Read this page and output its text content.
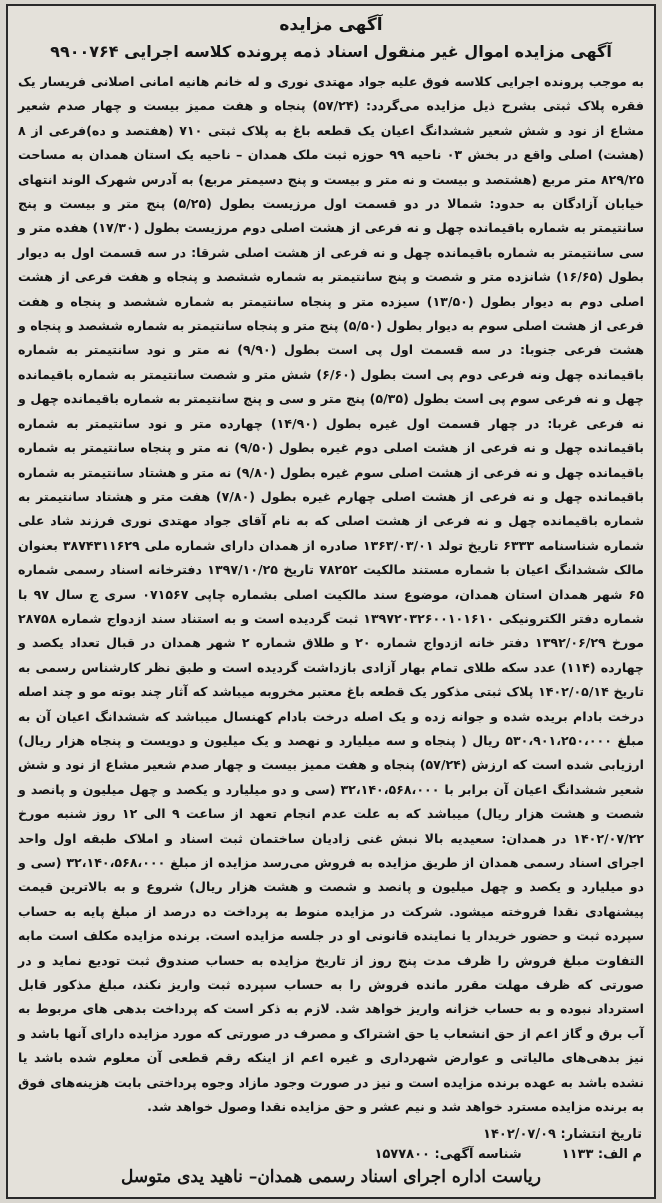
آگهی مزایده
آگهی مزایده اموال غیر منقول اسناد ذمه پرونده کلاسه اجرایی ۹۹۰۰۷۶۴
به موجب پرونده اجرایی کلاسه فوق علیه جواد مهتدی نوری و له خانم هانیه امانی اصلانی فریسار یک فقره پلاک ثبتی بشرح ذیل مزایده می‌گردد: (۵۷/۲۴) پنجاه و هفت ممیز بیست و چهار صدم شعیر مشاع از نود و شش شعیر ششدانگ اعیان یک قطعه باغ به پلاک ثبتی ۷۱۰ (هفتصد و ده)فرعی از ۸ (هشت) اصلی واقع در بخش ۰۳ ناحیه ۹۹ حوزه ثبت ملک همدان – ناحیه یک استان همدان به مساحت ۸۲۹/۲۵ متر مربع (هشتصد و بیست و نه متر و بیست و پنج دسیمتر مربع) به آدرس شهرک الوند انتهای خیابان آزادگان به حدود: شمالا در دو قسمت اول مرزیست بطول (۵/۲۵) پنج متر و بیست و پنج سانتیمتر به شماره باقیمانده چهل و نه فرعی از هشت اصلی دوم مرزیست بطول (۱۷/۳۰) هفده متر و سی سانتیمتر به شماره باقیمانده چهل و نه فرعی از هشت اصلی شرقا: در سه قسمت اول به دیوار بطول (۱۶/۶۵) شانزده متر و شصت و پنج سانتیمتر به شماره ششصد و پنجاه و هفت فرعی از هشت اصلی دوم به دیوار بطول (۱۳/۵۰) سیزده متر و پنجاه سانتیمتر به شماره ششصد و پنجاه و هفت فرعی از هشت اصلی سوم به دیوار بطول (۵/۵۰) پنج متر و پنجاه سانتیمتر به شماره ششصد و پنجاه و هشت فرعی جنوبا: در سه قسمت اول پی است بطول (۹/۹۰) نه متر و نود سانتیمتر به شماره باقیمانده چهل ونه فرعی دوم پی است بطول (۶/۶۰) شش متر و شصت سانتیمتر به شماره باقیمانده چهل و نه فرعی سوم پی است بطول (۵/۳۵) پنج متر و سی و پنج سانتیمتر به شماره باقیمانده چهل و نه فرعی غربا: در چهار قسمت اول غیره بطول (۱۴/۹۰) چهارده متر و نود سانتیمتر به شماره باقیمانده چهل و نه فرعی از هشت اصلی دوم غیره بطول (۹/۵۰) نه متر و پنجاه سانتیمتر به شماره باقیمانده چهل و نه فرعی از هشت اصلی سوم غیره بطول (۹/۸۰) نه متر و هشتاد سانتیمتر به شماره باقیمانده چهل و نه فرعی از هشت اصلی چهارم غیره بطول (۷/۸۰) هفت متر و هشتاد سانتیمتر به شماره باقیمانده چهل و نه فرعی از هشت اصلی که به نام آقای جواد مهتدی نوری فرزند شاد علی شماره شناسنامه ۶۳۳۳ تاریخ تولد ۱۳۶۳/۰۳/۰۱ صادره از همدان دارای شماره ملی ۳۸۷۴۳۱۱۶۲۹ بعنوان مالک ششدانگ اعیان با شماره مستند مالکیت ۷۸۲۵۲ تاریخ ۱۳۹۷/۱۰/۲۵ دفترخانه اسناد رسمی شماره ۶۵ شهر همدان استان همدان، موضوع سند مالکیت اصلی بشماره چاپی ۰۷۱۵۶۷ سری ج سال ۹۷ با شماره دفتر الکترونیکی ۱۳۹۷۲۰۳۲۶۰۰۱۰۱۶۱۰ ثبت گردیده است و به استناد سند ازدواج شماره ۲۸۷۵۸ مورخ ۱۳۹۲/۰۶/۲۹ دفتر خانه ازدواج شماره ۲۰ و طلاق شماره ۲ شهر همدان در قبال تعداد یکصد و چهارده (۱۱۴) عدد سکه طلای تمام بهار آزادی بازداشت گردیده است و طبق نظر کارشناس رسمی به تاریخ ۱۴۰۲/۰۵/۱۴ پلاک ثبتی مذکور یک قطعه باغ معتبر مخروبه میباشد که آثار چند بوته مو و چند اصله درخت بادام بریده شده و جوانه زده و یک اصله درخت بادام کهنسال میباشد که ششدانگ اعیان آن به مبلغ ۵۳۰،۹۰۱،۲۵۰،۰۰۰ ریال ( پنجاه و سه میلیارد و نهصد و یک میلیون و دویست و پنجاه هزار ریال) ارزیابی شده است که ارزش (۵۷/۲۴) پنجاه و هفت ممیز بیست و چهار صدم شعیر مشاع از نود و شش شعیر ششدانگ اعیان آن برابر با ۳۲،۱۴۰،۵۶۸،۰۰۰ (سی و دو میلیارد و یکصد و چهل میلیون و پانصد و شصت و هشت هزار ریال) میباشد که به علت عدم انجام تعهد از ساعت ۹ الی ۱۲ روز شنبه مورخ ۱۴۰۲/۰۷/۲۲ در همدان: سعیدیه بالا نبش غنی زادیان ساختمان ثبت اسناد و املاک طبقه اول واحد اجرای اسناد رسمی همدان از طریق مزایده به فروش می‌رسد مزایده از مبلغ ۳۲،۱۴۰،۵۶۸،۰۰۰ (سی و دو میلیارد و یکصد و چهل میلیون و پانصد و شصت و هشت هزار ریال) شروع و به بالاترین قیمت پیشنهادی نقدا فروخته میشود. شرکت در مزایده منوط به پرداخت ده درصد از مبلغ پایه به حساب سپرده ثبت و حضور خریدار یا نماینده قانونی او در جلسه مزایده است. برنده مزایده مکلف است مابه التفاوت مبلغ فروش را ظرف مدت پنج روز از تاریخ مزایده به حساب صندوق ثبت تودیع نماید و در صورتی که ظرف مهلت مقرر مانده فروش را به حساب سپرده ثبت واریز نکند، مبلغ مذکور قابل استرداد نبوده و به حساب خزانه واریز خواهد شد. لازم به ذکر است که پرداخت بدهی های مربوط به آب برق و گاز اعم از حق انشعاب یا حق اشتراک و مصرف در صورتی که مورد مزایده دارای آنها باشد و نیز بدهی‌های مالیاتی و عوارض شهرداری و غیره اعم از اینکه رقم قطعی آن معلوم شده باشد یا نشده باشد به عهده برنده مزایده است و نیز در صورت وجود مازاد وجوه پرداختی بابت هزینه‌های فوق به برنده مزایده مسترد خواهد شد و نیم عشر و حق مزایده نقدا وصول خواهد شد.
تاریخ انتشار: ۱۴۰۲/۰۷/۰۹
م الف: ۱۱۳۳
شناسه آگهی: ۱۵۷۷۸۰۰
ریاست اداره اجرای اسناد رسمی همدان– ناهید یدی متوسل
